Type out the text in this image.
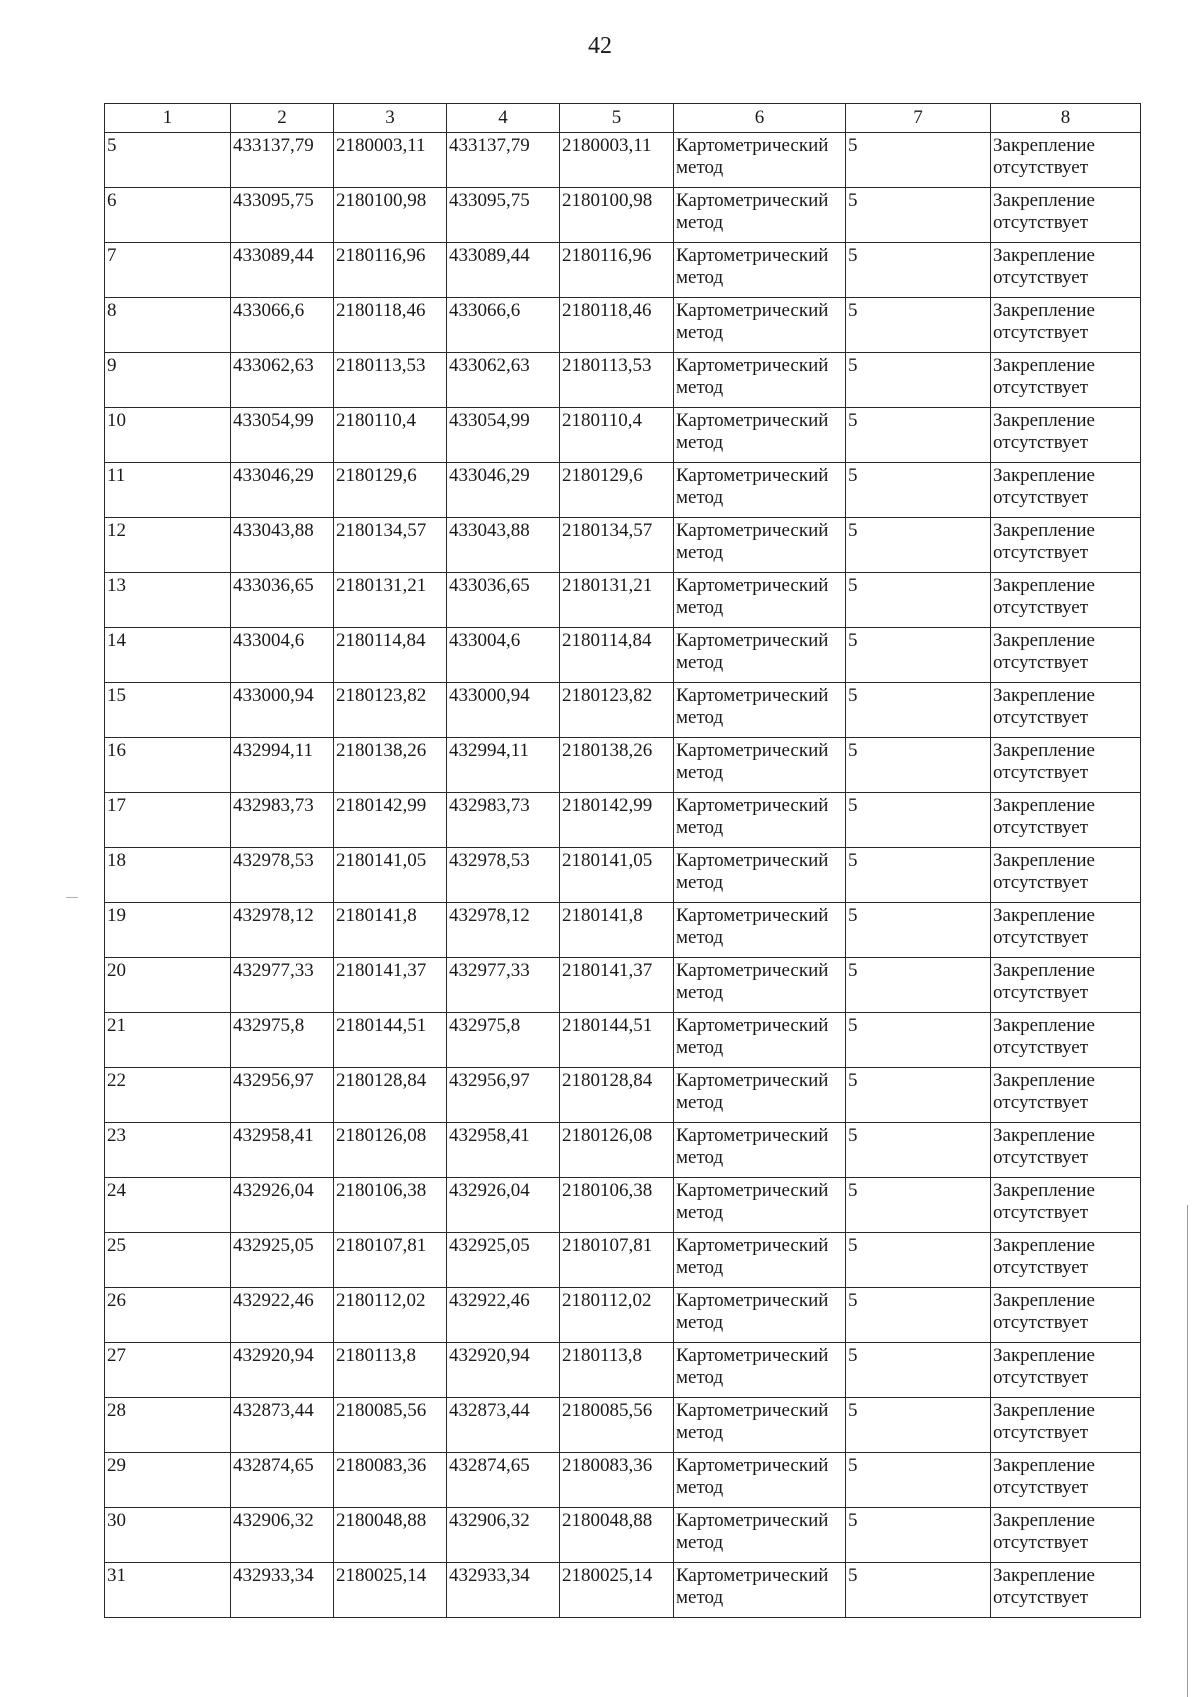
42
1	2	3	4	5	6	7	8
5	433137,79	2180003,11	433137,79	2180003,11	Картометрический метод	5	Закрепление отсутствует
6	433095,75	2180100,98	433095,75	2180100,98	Картометрический метод	5	Закрепление отсутствует
7	433089,44	2180116,96	433089,44	2180116,96	Картометрический метод	5	Закрепление отсутствует
8	433066,6	2180118,46	433066,6	2180118,46	Картометрический метод	5	Закрепление отсутствует
9	433062,63	2180113,53	433062,63	2180113,53	Картометрический метод	5	Закрепление отсутствует
10	433054,99	2180110,4	433054,99	2180110,4	Картометрический метод	5	Закрепление отсутствует
11	433046,29	2180129,6	433046,29	2180129,6	Картометрический метод	5	Закрепление отсутствует
12	433043,88	2180134,57	433043,88	2180134,57	Картометрический метод	5	Закрепление отсутствует
13	433036,65	2180131,21	433036,65	2180131,21	Картометрический метод	5	Закрепление отсутствует
14	433004,6	2180114,84	433004,6	2180114,84	Картометрический метод	5	Закрепление отсутствует
15	433000,94	2180123,82	433000,94	2180123,82	Картометрический метод	5	Закрепление отсутствует
16	432994,11	2180138,26	432994,11	2180138,26	Картометрический метод	5	Закрепление отсутствует
17	432983,73	2180142,99	432983,73	2180142,99	Картометрический метод	5	Закрепление отсутствует
18	432978,53	2180141,05	432978,53	2180141,05	Картометрический метод	5	Закрепление отсутствует
19	432978,12	2180141,8	432978,12	2180141,8	Картометрический метод	5	Закрепление отсутствует
20	432977,33	2180141,37	432977,33	2180141,37	Картометрический метод	5	Закрепление отсутствует
21	432975,8	2180144,51	432975,8	2180144,51	Картометрический метод	5	Закрепление отсутствует
22	432956,97	2180128,84	432956,97	2180128,84	Картометрический метод	5	Закрепление отсутствует
23	432958,41	2180126,08	432958,41	2180126,08	Картометрический метод	5	Закрепление отсутствует
24	432926,04	2180106,38	432926,04	2180106,38	Картометрический метод	5	Закрепление отсутствует
25	432925,05	2180107,81	432925,05	2180107,81	Картометрический метод	5	Закрепление отсутствует
26	432922,46	2180112,02	432922,46	2180112,02	Картометрический метод	5	Закрепление отсутствует
27	432920,94	2180113,8	432920,94	2180113,8	Картометрический метод	5	Закрепление отсутствует
28	432873,44	2180085,56	432873,44	2180085,56	Картометрический метод	5	Закрепление отсутствует
29	432874,65	2180083,36	432874,65	2180083,36	Картометрический метод	5	Закрепление отсутствует
30	432906,32	2180048,88	432906,32	2180048,88	Картометрический метод	5	Закрепление отсутствует
31	432933,34	2180025,14	432933,34	2180025,14	Картометрический метод	5	Закрепление отсутствует
